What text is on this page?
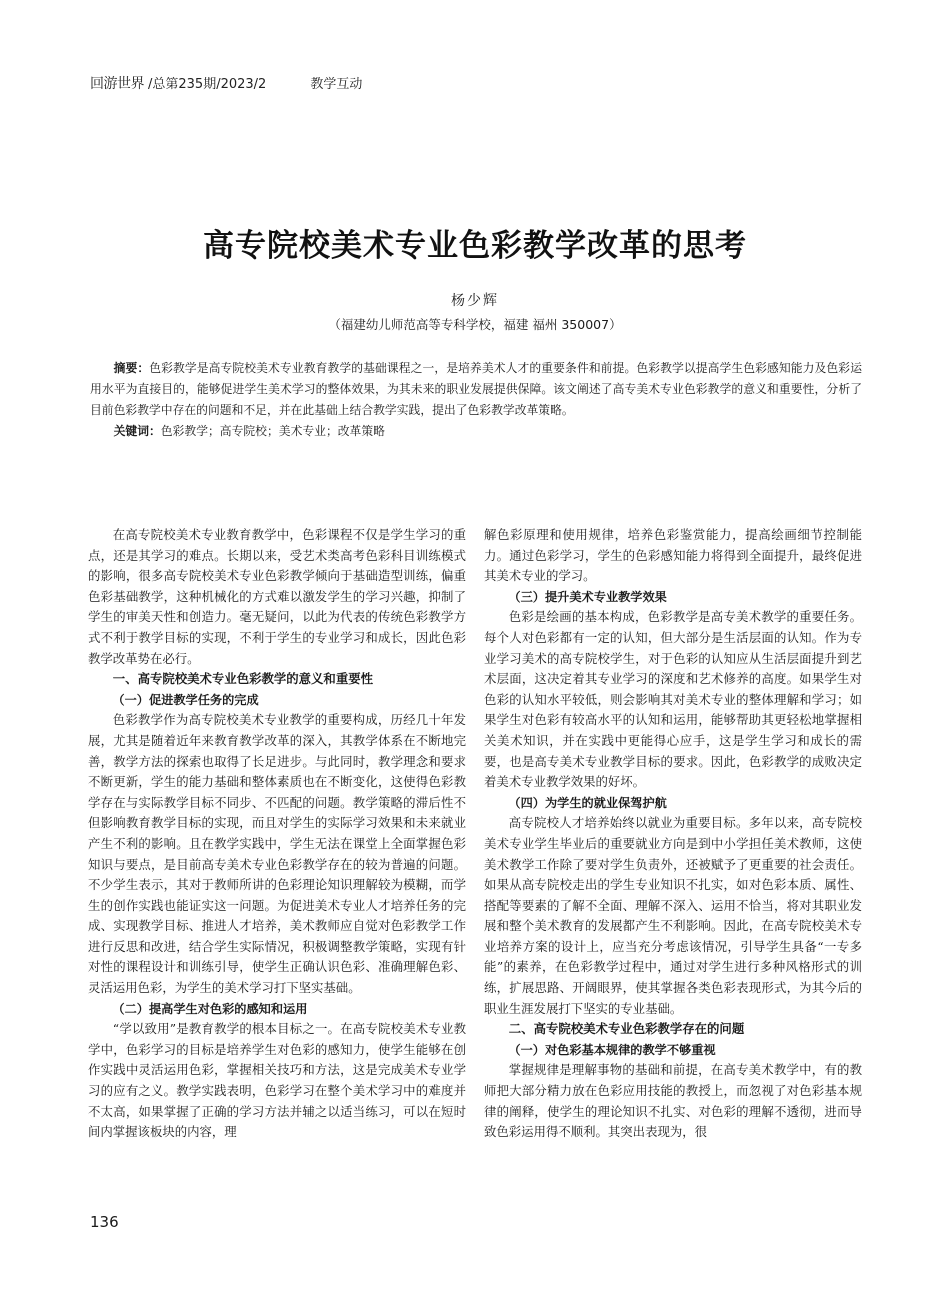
回游世界 /总第235期/2023/2	教学互动
高专院校美术专业色彩教学改革的思考
杨少辉
（福建幼儿师范高等专科学校，福建 福州 350007）

摘要：色彩教学是高专院校美术专业教育教学的基础课程之一，是培养美术人才的重要条件和前提。色彩教学以提高学生色彩感知能力及色彩运用水平为直接目的，能够促进学生美术学习的整体效果，为其未来的职业发展提供保障。该文阐述了高专美术专业色彩教学的意义和重要性，分析了目前色彩教学中存在的问题和不足，并在此基础上结合教学实践，提出了色彩教学改革策略。

关键词：色彩教学；高专院校；美术专业；改革策略

在高专院校美术专业教育教学中，色彩课程不仅是学生学习的重点，还是其学习的难点。长期以来，受艺术类高考色彩科目训练模式的影响，很多高专院校美术专业色彩教学倾向于基础造型训练，偏重色彩基础教学，这种机械化的方式难以激发学生的学习兴趣，抑制了学生的审美天性和创造力。毫无疑问，以此为代表的传统色彩教学方式不利于教学目标的实现，不利于学生的专业学习和成长，因此色彩教学改革势在必行。

一、高专院校美术专业色彩教学的意义和重要性

（一）促进教学任务的完成

色彩教学作为高专院校美术专业教学的重要构成，历经几十年发展，尤其是随着近年来教育教学改革的深入，其教学体系在不断地完善，教学方法的探索也取得了长足进步。与此同时，教学理念和要求不断更新，学生的能力基础和整体素质也在不断变化，这使得色彩教学存在与实际教学目标不同步、不匹配的问题。教学策略的滞后性不但影响教育教学目标的实现，而且对学生的实际学习效果和未来就业产生不利的影响。且在教学实践中，学生无法在课堂上全面掌握色彩知识与要点，是目前高专美术专业色彩教学存在的较为普遍的问题。不少学生表示，其对于教师所讲的色彩理论知识理解较为模糊，而学生的创作实践也能证实这一问题。为促进美术专业人才培养任务的完成、实现教学目标、推进人才培养，美术教师应自觉对色彩教学工作进行反思和改进，结合学生实际情况，积极调整教学策略，实现有针对性的课程设计和训练引导，使学生正确认识色彩、准确理解色彩、灵活运用色彩，为学生的美术学习打下坚实基础。

（二）提高学生对色彩的感知和运用

“学以致用”是教育教学的根本目标之一。在高专院校美术专业教学中，色彩学习的目标是培养学生对色彩的感知力，使学生能够在创作实践中灵活运用色彩，掌握相关技巧和方法，这是完成美术专业学习的应有之义。教学实践表明，色彩学习在整个美术学习中的难度并不太高，如果掌握了正确的学习方法并辅之以适当练习，可以在短时间内掌握该板块的内容，理

解色彩原理和使用规律，培养色彩鉴赏能力，提高绘画细节控制能力。通过色彩学习，学生的色彩感知能力将得到全面提升，最终促进其美术专业的学习。

（三）提升美术专业教学效果

色彩是绘画的基本构成，色彩教学是高专美术教学的重要任务。每个人对色彩都有一定的认知，但大部分是生活层面的认知。作为专业学习美术的高专院校学生，对于色彩的认知应从生活层面提升到艺术层面，这决定着其专业学习的深度和艺术修养的高度。如果学生对色彩的认知水平较低，则会影响其对美术专业的整体理解和学习；如果学生对色彩有较高水平的认知和运用，能够帮助其更轻松地掌握相关美术知识，并在实践中更能得心应手，这是学生学习和成长的需要，也是高专美术专业教学目标的要求。因此，色彩教学的成败决定着美术专业教学效果的好坏。

（四）为学生的就业保驾护航

高专院校人才培养始终以就业为重要目标。多年以来，高专院校美术专业学生毕业后的重要就业方向是到中小学担任美术教师，这使美术教学工作除了要对学生负责外，还被赋予了更重要的社会责任。如果从高专院校走出的学生专业知识不扎实，如对色彩本质、属性、搭配等要素的了解不全面、理解不深入、运用不恰当，将对其职业发展和整个美术教育的发展都产生不利影响。因此，在高专院校美术专业培养方案的设计上，应当充分考虑该情况，引导学生具备“一专多能”的素养，在色彩教学过程中，通过对学生进行多种风格形式的训练，扩展思路、开阔眼界，使其掌握各类色彩表现形式，为其今后的职业生涯发展打下坚实的专业基础。

二、高专院校美术专业色彩教学存在的问题

（一）对色彩基本规律的教学不够重视

掌握规律是理解事物的基础和前提，在高专美术教学中，有的教师把大部分精力放在色彩应用技能的教授上，而忽视了对色彩基本规律的阐释，使学生的理论知识不扎实、对色彩的理解不透彻，进而导致色彩运用得不顺利。其突出表现为，很

136
